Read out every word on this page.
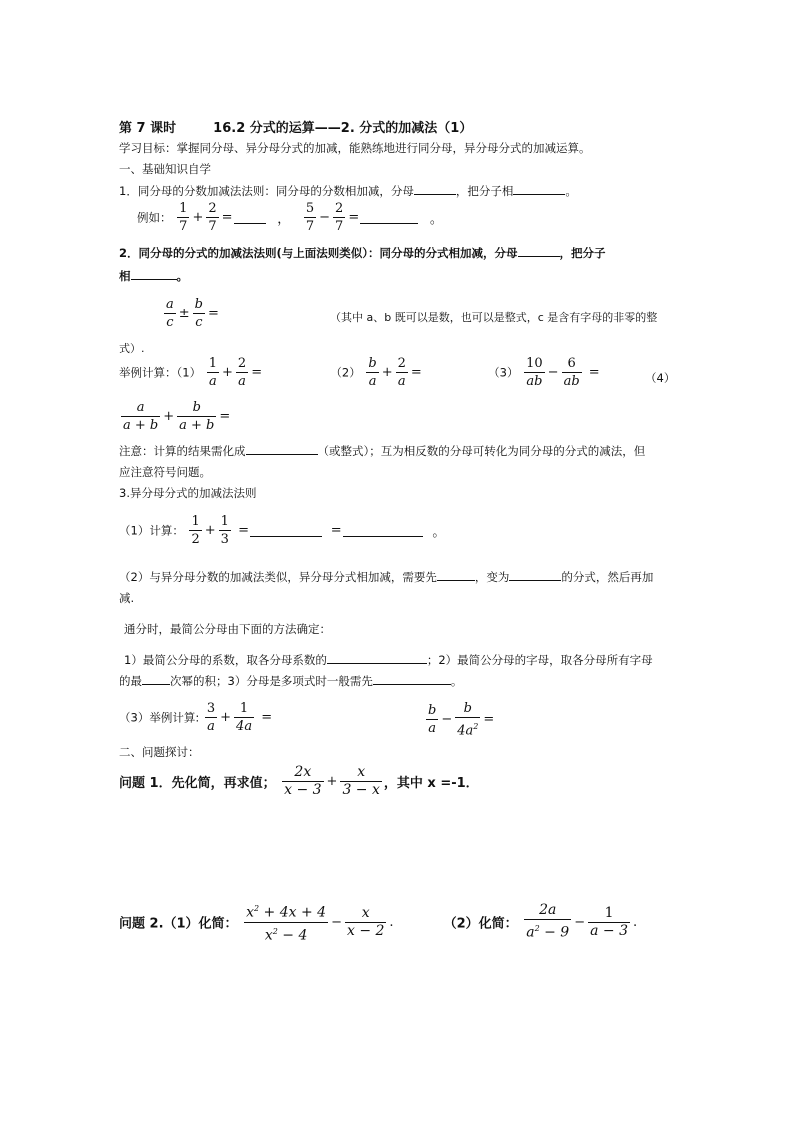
第 7 课时	16.2 分式的运算——2. 分式的加减法（1）
学习目标：掌握同分母、异分母分式的加减，能熟练地进行同分母，异分母分式的加减运算。
一、基础知识自学
1．同分母的分数加减法法则：同分母的分数相加减，分母	，把分子相	。
例如： $\frac{1}{7} + \frac{2}{7}$ =	， $\frac{5}{7} - \frac{2}{7}$ =	。
2．同分母的分式的加减法法则(与上面法则类似）：同分母的分式相加减，分母	，把分子
相	。
$\frac{a}{c} \pm \frac{b}{c}$ =	（其中 a、b 既可以是数，也可以是整式，c 是含有字母的非零的整
式）.
举例计算：$(1) \frac{1}{a} + \frac{2}{a}$ =	$(2) \frac{b}{a} + \frac{2}{a}$ =	$(3) \frac{10}{ab} - \frac{6}{ab}$ =	（4）
$\frac{a}{a + b} + \frac{b}{a + b}$ =
注意：计算的结果需化成	（或整式）；互为相反数的分母可转化为同分母的分式的减法，但
应注意符号问题。
3.异分母分式的加减法法则
（1）计算： $\frac{1}{2} + \frac{1}{3}$ =	=	。
（2）与异分母分数的加减法类似，异分母分式相加减，需要先	，变为	的分式，然后再加
减.
通分时，最简公分母由下面的方法确定：
1）最简公分母的系数，取各分母系数的	；2）最简公分母的字母，取各分母所有字母
的最 次幂的积；3）分母是多项式时一般需先	。
（3）举例计算: $\frac{3}{a} + \frac{1}{4a}$ =	$\frac{b}{a} - \frac{b}{4a^2}$ =
二、问题探讨：
问题 1．先化简，再求值； $\frac{2x}{x - 3} + \frac{x}{3 - x}$ ，其中 x =-1．
问题 2.（1）化简： $\frac{x^2 + 4x + 4}{x^2 - 4} - \frac{x}{x - 2}$ .	（2）化简： $\frac{2a}{a^2 - 9} - \frac{1}{a - 3}$ .
